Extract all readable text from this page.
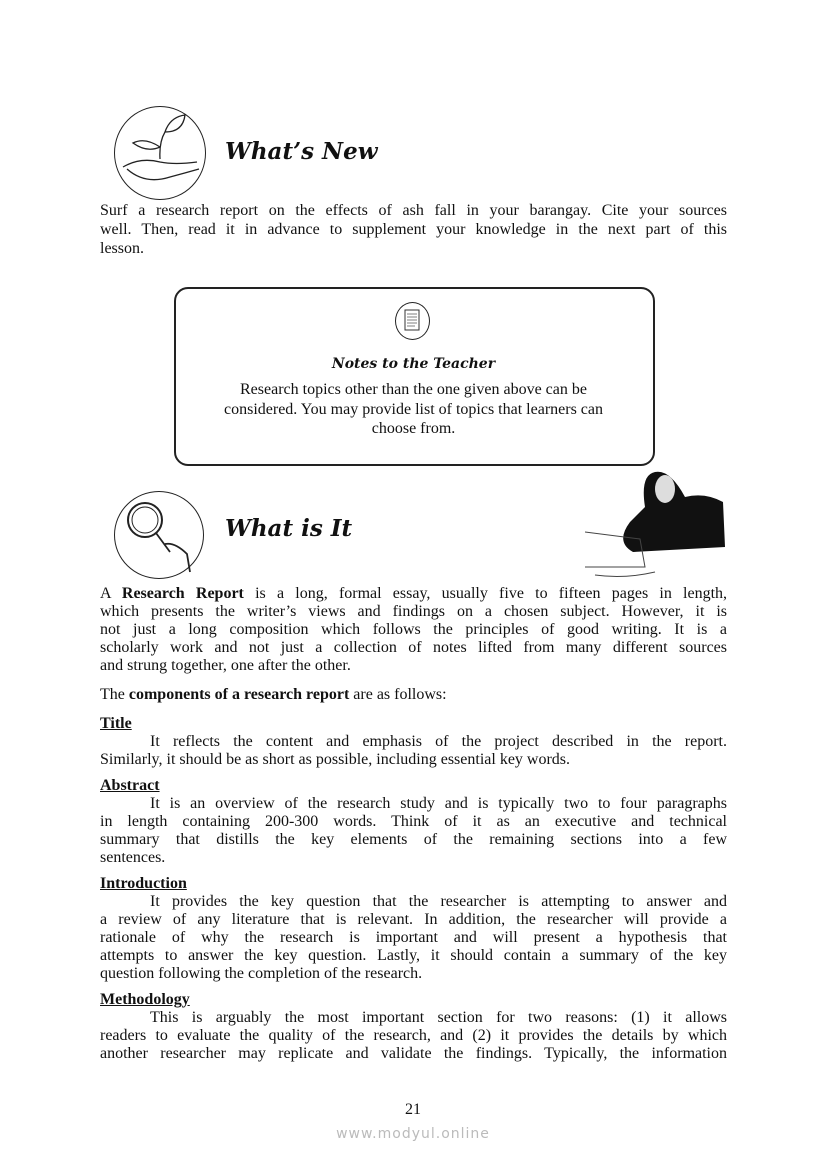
What’s New
Surf a research report on the effects of ash fall in your barangay. Cite your sources
well. Then, read it in advance to supplement your knowledge in the next part of this
lesson.
Notes to the Teacher
Research topics other than the one given above can be
considered. You may provide list of topics that learners can
choose from.
What is It
A Research Report is a long, formal essay, usually five to fifteen pages in length,
which presents the writer’s views and findings on a chosen subject. However, it is
not just a long composition which follows the principles of good writing. It is a
scholarly work and not just a collection of notes lifted from many different sources
and strung together, one after the other.
The components of a research report are as follows:
Title
It reflects the content and emphasis of the project described in the report.
Similarly, it should be as short as possible, including essential key words.
Abstract
It is an overview of the research study and is typically two to four paragraphs
in length containing 200-300 words. Think of it as an executive and technical
summary that distills the key elements of the remaining sections into a few
sentences.
Introduction
It provides the key question that the researcher is attempting to answer and
a review of any literature that is relevant. In addition, the researcher will provide a
rationale of why the research is important and will present a hypothesis that
attempts to answer the key question. Lastly, it should contain a summary of the key
question following the completion of the research.
Methodology
This is arguably the most important section for two reasons: (1) it allows
readers to evaluate the quality of the research, and (2) it provides the details by which
another researcher may replicate and validate the findings. Typically, the information
21
www.modyul.online
